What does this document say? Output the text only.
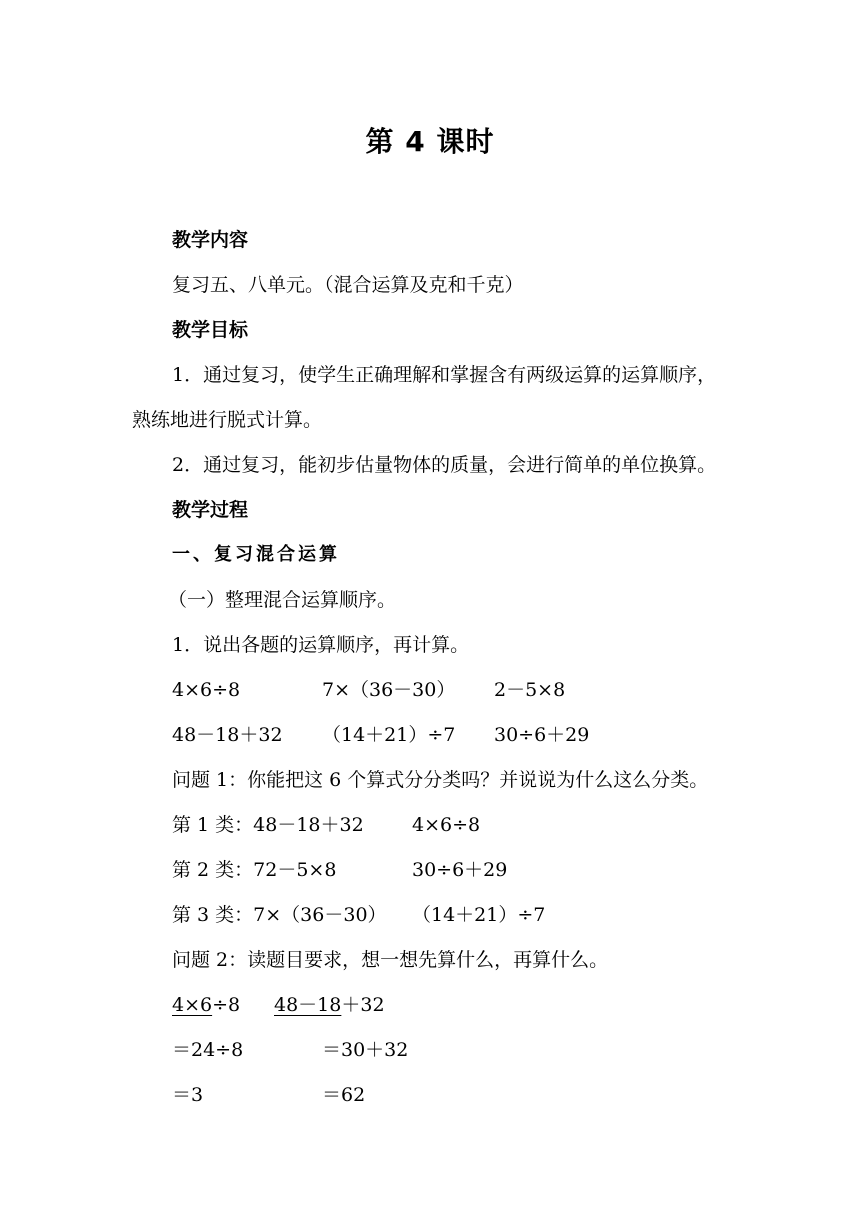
第 4 课时
教学内容
复习五、八单元。（混合运算及克和千克）
教学目标
1．通过复习，使学生正确理解和掌握含有两级运算的运算顺序，
熟练地进行脱式计算。
2．通过复习，能初步估量物体的质量，会进行简单的单位换算。
教学过程
一、复习混合运算
（一）整理混合运算顺序。
1．说出各题的运算顺序，再计算。
4×6÷8	7×（36－30） 2－5×8
48－18＋32 （14＋21）÷7 30÷6＋29
问题 1：你能把这 6 个算式分分类吗？并说说为什么这么分类。
第 1 类：48－18＋32	4×6÷8
第 2 类：72－5×8	30÷6＋29
第 3 类：7×（36－30） （14＋21）÷7
问题 2：读题目要求，想一想先算什么，再算什么。
4×6÷8 48－18＋32
＝24÷8	＝30＋32
＝3	＝62
